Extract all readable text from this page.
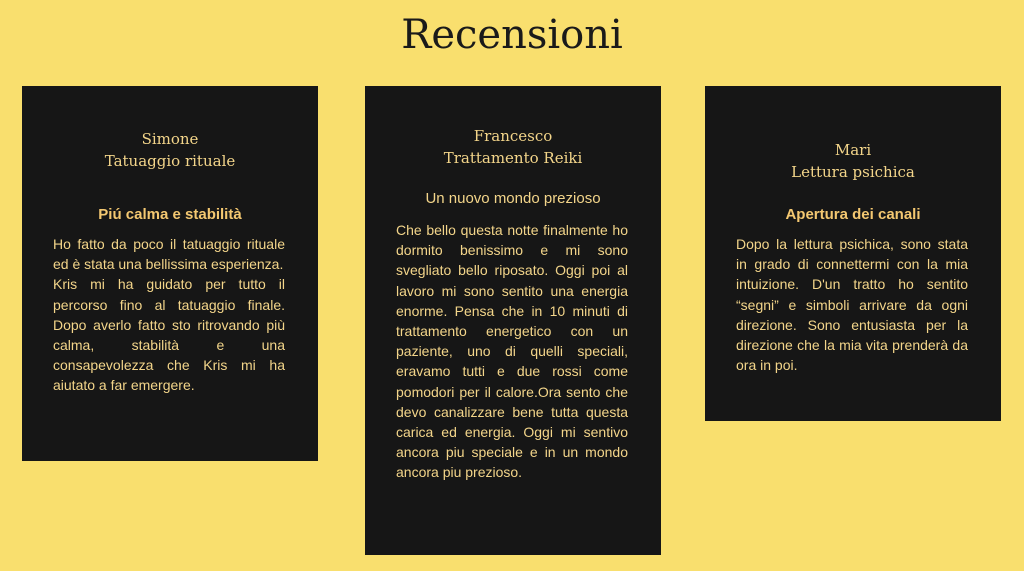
Recensioni
Simone
Tatuaggio rituale
Piú calma e stabilità
Ho fatto da poco il tatuaggio rituale ed è stata una bellissima esperienza.
Kris mi ha guidato per tutto il percorso fino al tatuaggio finale. Dopo averlo fatto sto ritrovando più calma, stabilità e una consapevolezza che Kris mi ha aiutato a far emergere.
Francesco
Trattamento Reiki
Un nuovo mondo prezioso
Che bello questa notte finalmente ho dormito benissimo e mi sono svegliato bello riposato. Oggi poi al lavoro mi sono sentito una energia enorme. Pensa che in 10 minuti di trattamento energetico con un paziente, uno di quelli speciali, eravamo tutti e due rossi come pomodori per il calore.Ora sento che devo canalizzare bene tutta questa carica ed energia. Oggi mi sentivo ancora piu speciale e in un mondo ancora piu prezioso.
Mari
Lettura psichica
Apertura dei canali
Dopo la lettura psichica, sono stata in grado di connettermi con la mia intuizione. D'un tratto ho sentito “segni” e simboli arrivare da ogni direzione. Sono entusiasta per la direzione che la mia vita prenderà da ora in poi.
